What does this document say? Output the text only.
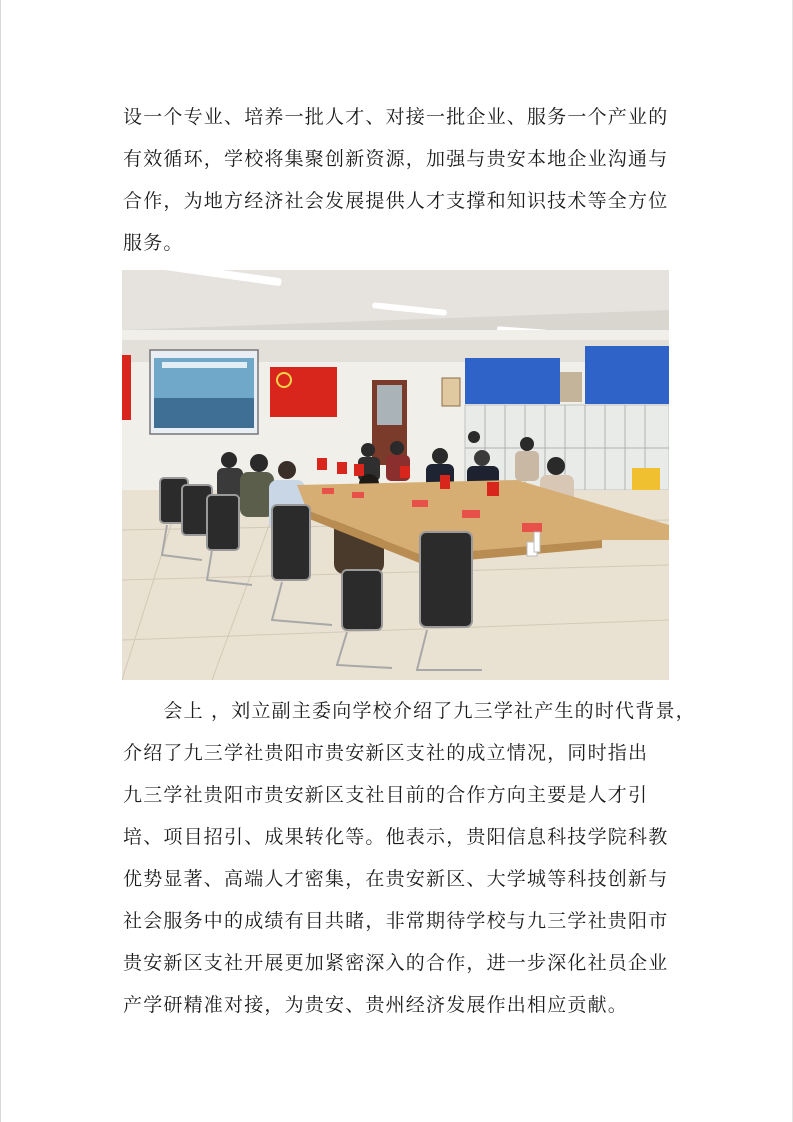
设一个专业、培养一批人才、对接一批企业、服务一个产业的
有效循环，学校将集聚创新资源，加强与贵安本地企业沟通与
合作，为地方经济社会发展提供人才支撑和知识技术等全方位
服务。
　　会上 ，刘立副主委向学校介绍了九三学社产生的时代背景，
介绍了九三学社贵阳市贵安新区支社的成立情况，同时指出
九三学社贵阳市贵安新区支社目前的合作方向主要是人才引
培、项目招引、成果转化等。他表示，贵阳信息科技学院科教
优势显著、高端人才密集，在贵安新区、大学城等科技创新与
社会服务中的成绩有目共睹，非常期待学校与九三学社贵阳市
贵安新区支社开展更加紧密深入的合作，进一步深化社员企业
产学研精准对接，为贵安、贵州经济发展作出相应贡献。
